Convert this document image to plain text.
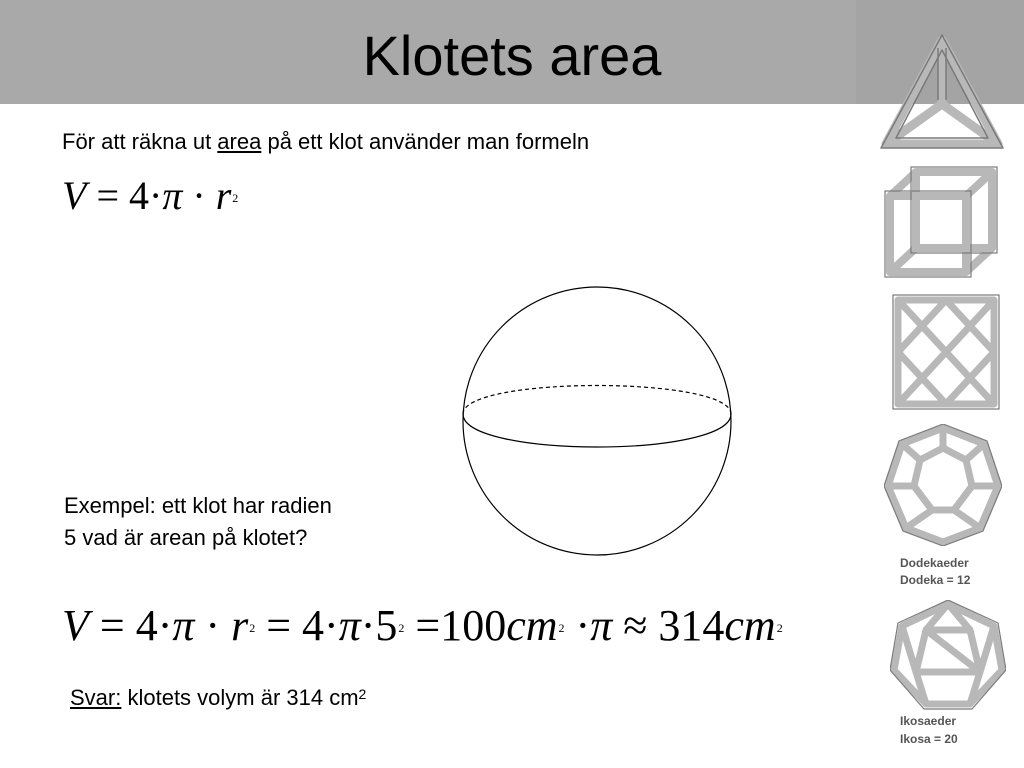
Klotets area
Dodekaeder
Dodeka = 12
Ikosaeder
Ikosa = 20
För att räkna ut area på ett klot använder man formeln
$V = 4\cdot\pi \cdot r^2$
Exempel: ett klot har radien
5 vad är arean på klotet?
$V = 4\cdot\pi \cdot r^2 = 4\cdot\pi\cdot 5^2 =100cm^2 \cdot\pi \approx 314cm^2$
Svar: klotets volym är 314 $cm^2$
